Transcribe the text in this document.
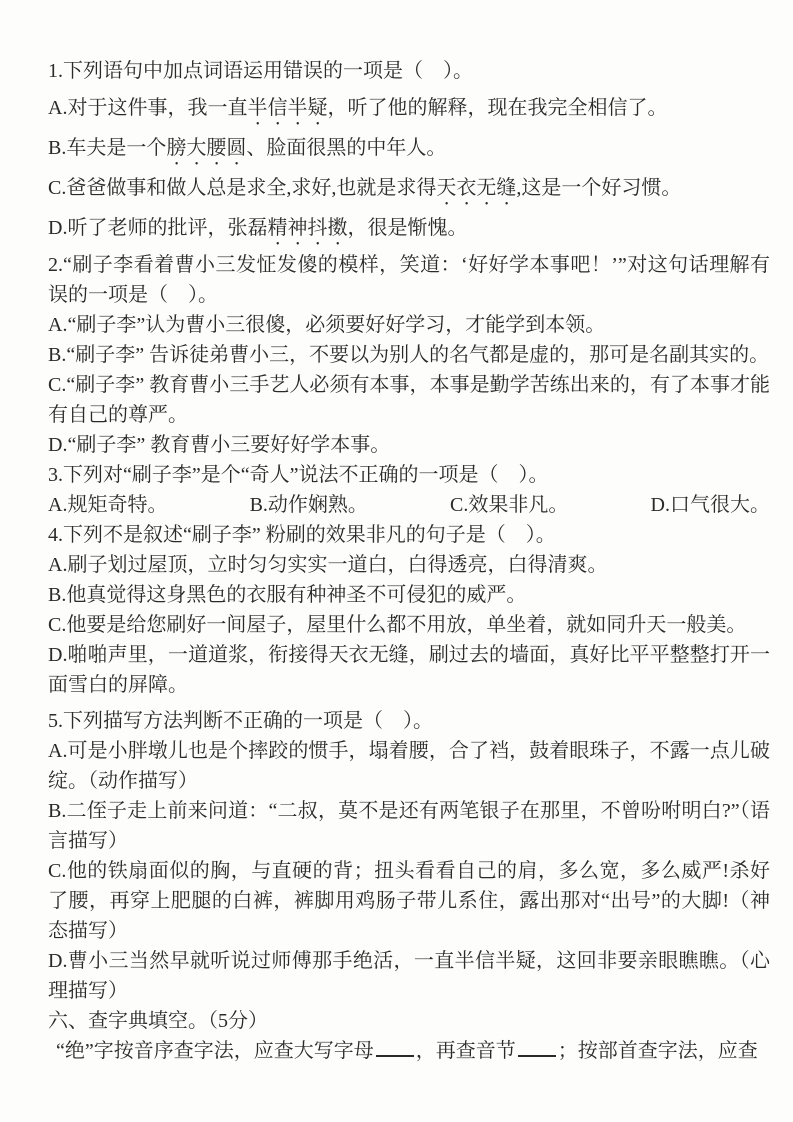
1.下列语句中加点词语运用错误的一项是（　）。

A.对于这件事，我一直半信半疑，听了他的解释，现在我完全相信了。

B.车夫是一个膀大腰圆、脸面很黑的中年人。

C.爸爸做事和做人总是求全,求好,也就是求得天衣无缝,这是一个好习惯。

D.听了老师的批评，张磊精神抖擞，很是惭愧。

2.“刷子李看着曹小三发怔发傻的模样，笑道：‘好好学本事吧！’”对这句话理解有误的一项是（　）。

A.“刷子李”认为曹小三很傻，必须要好好学习，才能学到本领。

B.“刷子李” 告诉徒弟曹小三，不要以为别人的名气都是虚的，那可是名副其实的。

C.“刷子李” 教育曹小三手艺人必须有本事，本事是勤学苦练出来的，有了本事才能有自己的尊严。

D.“刷子李” 教育曹小三要好好学本事。

3.下列对“刷子李”是个“奇人”说法不正确的一项是（　）。

A.规矩奇特。	B.动作娴熟。	C.效果非凡。	D.口气很大。

4.下列不是叙述“刷子李” 粉刷的效果非凡的句子是（　）。

A.刷子划过屋顶，立时匀匀实实一道白，白得透亮，白得清爽。

B.他真觉得这身黑色的衣服有种神圣不可侵犯的威严。

C.他要是给您刷好一间屋子，屋里什么都不用放，单坐着，就如同升天一般美。

D.啪啪声里，一道道浆，衔接得天衣无缝，刷过去的墙面，真好比平平整整打开一面雪白的屏障。

5.下列描写方法判断不正确的一项是（　）。

A.可是小胖墩儿也是个摔跤的惯手，塌着腰，合了裆，鼓着眼珠子，不露一点儿破绽。（动作描写）

B.二侄子走上前来问道：“二叔，莫不是还有两笔银子在那里，不曾吩咐明白?”（语言描写）

C.他的铁扇面似的胸，与直硬的背；扭头看看自己的肩，多么宽，多么威严!杀好了腰，再穿上肥腿的白裤，裤脚用鸡肠子带儿系住，露出那对“出号”的大脚!（神态描写）

D.曹小三当然早就听说过师傅那手绝活，一直半信半疑，这回非要亲眼瞧瞧。（心理描写）

六、查字典填空。（5分）

“绝”字按音序查字法，应查大写字母 ，再查音节 ；按部首查字法，应查
